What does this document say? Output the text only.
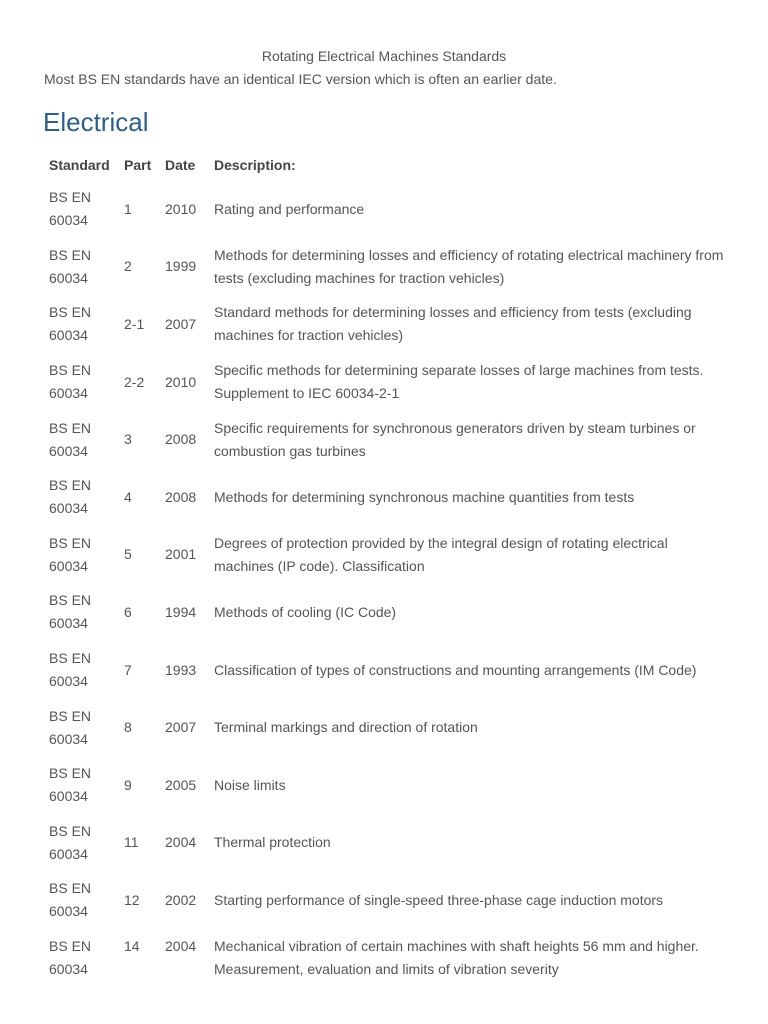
Rotating Electrical Machines Standards
Most BS EN standards have an identical IEC version which is often an earlier date.
Electrical
Standard	Part	Date	Description:
BS EN 60034	1	2010	Rating and performance
BS EN 60034	2	1999	Methods for determining losses and efficiency of rotating electrical machinery from tests (excluding machines for traction vehicles)
BS EN 60034	2-1	2007	Standard methods for determining losses and efficiency from tests (excluding machines for traction vehicles)
BS EN 60034	2-2	2010	Specific methods for determining separate losses of large machines from tests. Supplement to IEC 60034-2-1
BS EN 60034	3	2008	Specific requirements for synchronous generators driven by steam turbines or combustion gas turbines
BS EN 60034	4	2008	Methods for determining synchronous machine quantities from tests
BS EN 60034	5	2001	Degrees of protection provided by the integral design of rotating electrical machines (IP code). Classification
BS EN 60034	6	1994	Methods of cooling (IC Code)
BS EN 60034	7	1993	Classification of types of constructions and mounting arrangements (IM Code)
BS EN 60034	8	2007	Terminal markings and direction of rotation
BS EN 60034	9	2005	Noise limits
BS EN 60034	11	2004	Thermal protection
BS EN 60034	12	2002	Starting performance of single-speed three-phase cage induction motors
BS EN 60034	14	2004	Mechanical vibration of certain machines with shaft heights 56 mm and higher. Measurement, evaluation and limits of vibration severity
